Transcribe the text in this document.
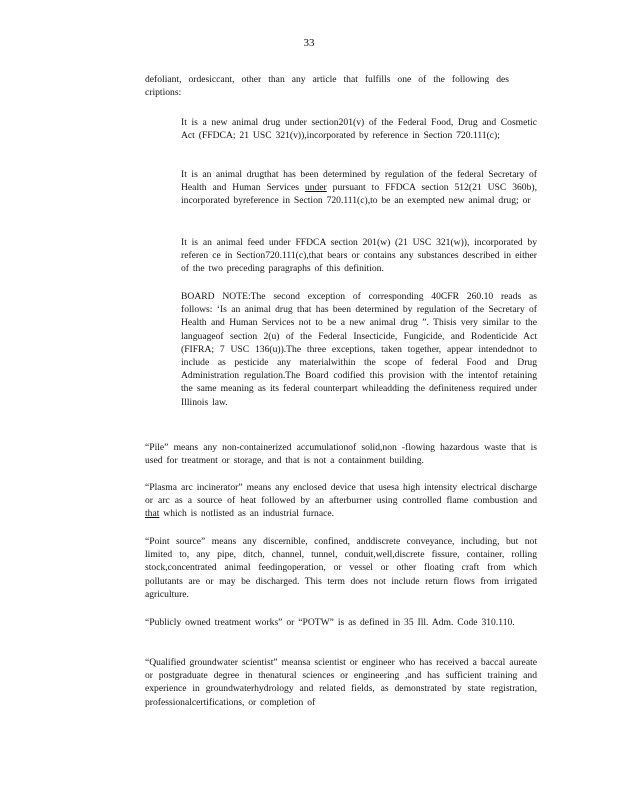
33
defoliant, ordesiccant, other than any article that fulfills one of the following des criptions:
It is a new animal drug under section201(v) of the Federal Food, Drug and Cosmetic Act (FFDCA; 21 USC 321(v)),incorporated by reference in Section 720.111(c);
It is an animal drugthat has been determined by regulation of the federal Secretary of Health and Human Services under pursuant to FFDCA section 512(21 USC 360b), incorporated byreference in Section 720.111(c),to be an exempted new animal drug; or
It is an animal feed under FFDCA section 201(w) (21 USC 321(w)), incorporated by referen ce in Section720.111(c),that bears or contains any substances described in either of the two preceding paragraphs of this definition.
BOARD NOTE:The second exception of corresponding 40CFR 260.10 reads as follows: ‘Is an animal drug that has been determined by regulation of the Secretary of Health and Human Services not to be a new animal drug ”. Thisis very similar to the languageof section 2(u) of the Federal Insecticide, Fungicide, and Rodenticide Act (FIFRA; 7 USC 136(u)).The three exceptions, taken together, appear intendednot to include as pesticide any materialwithin the scope of federal Food and Drug Administration regulation.The Board codified this provision with the intentof retaining the same meaning as its federal counterpart whileadding the definiteness required under Illinois law.
“Pile” means any non-containerized accumulationof solid,non -flowing hazardous waste that is used for treatment or storage, and that is not a containment building.
“Plasma arc incinerator” means any enclosed device that usesa high intensity electrical discharge or arc as a source of heat followed by an afterburner using controlled flame combustion and that which is notlisted as an industrial furnace.
“Point source” means any discernible, confined, anddiscrete conveyance, including, but not limited to, any pipe, ditch, channel, tunnel, conduit,well,discrete fissure, container, rolling stock,concentrated animal feedingoperation, or vessel or other floating craft from which pollutants are or may be discharged. This term does not include return flows from irrigated agriculture.
“Publicly owned treatment works” or “POTW” is as defined in 35 Ill. Adm. Code 310.110.
“Qualified groundwater scientist” meansa scientist or engineer who has received a baccal aureate or postgraduate degree in thenatural sciences or engineering ,and has sufficient training and experience in groundwaterhydrology and related fields, as demonstrated by state registration, professionalcertifications, or completion of
